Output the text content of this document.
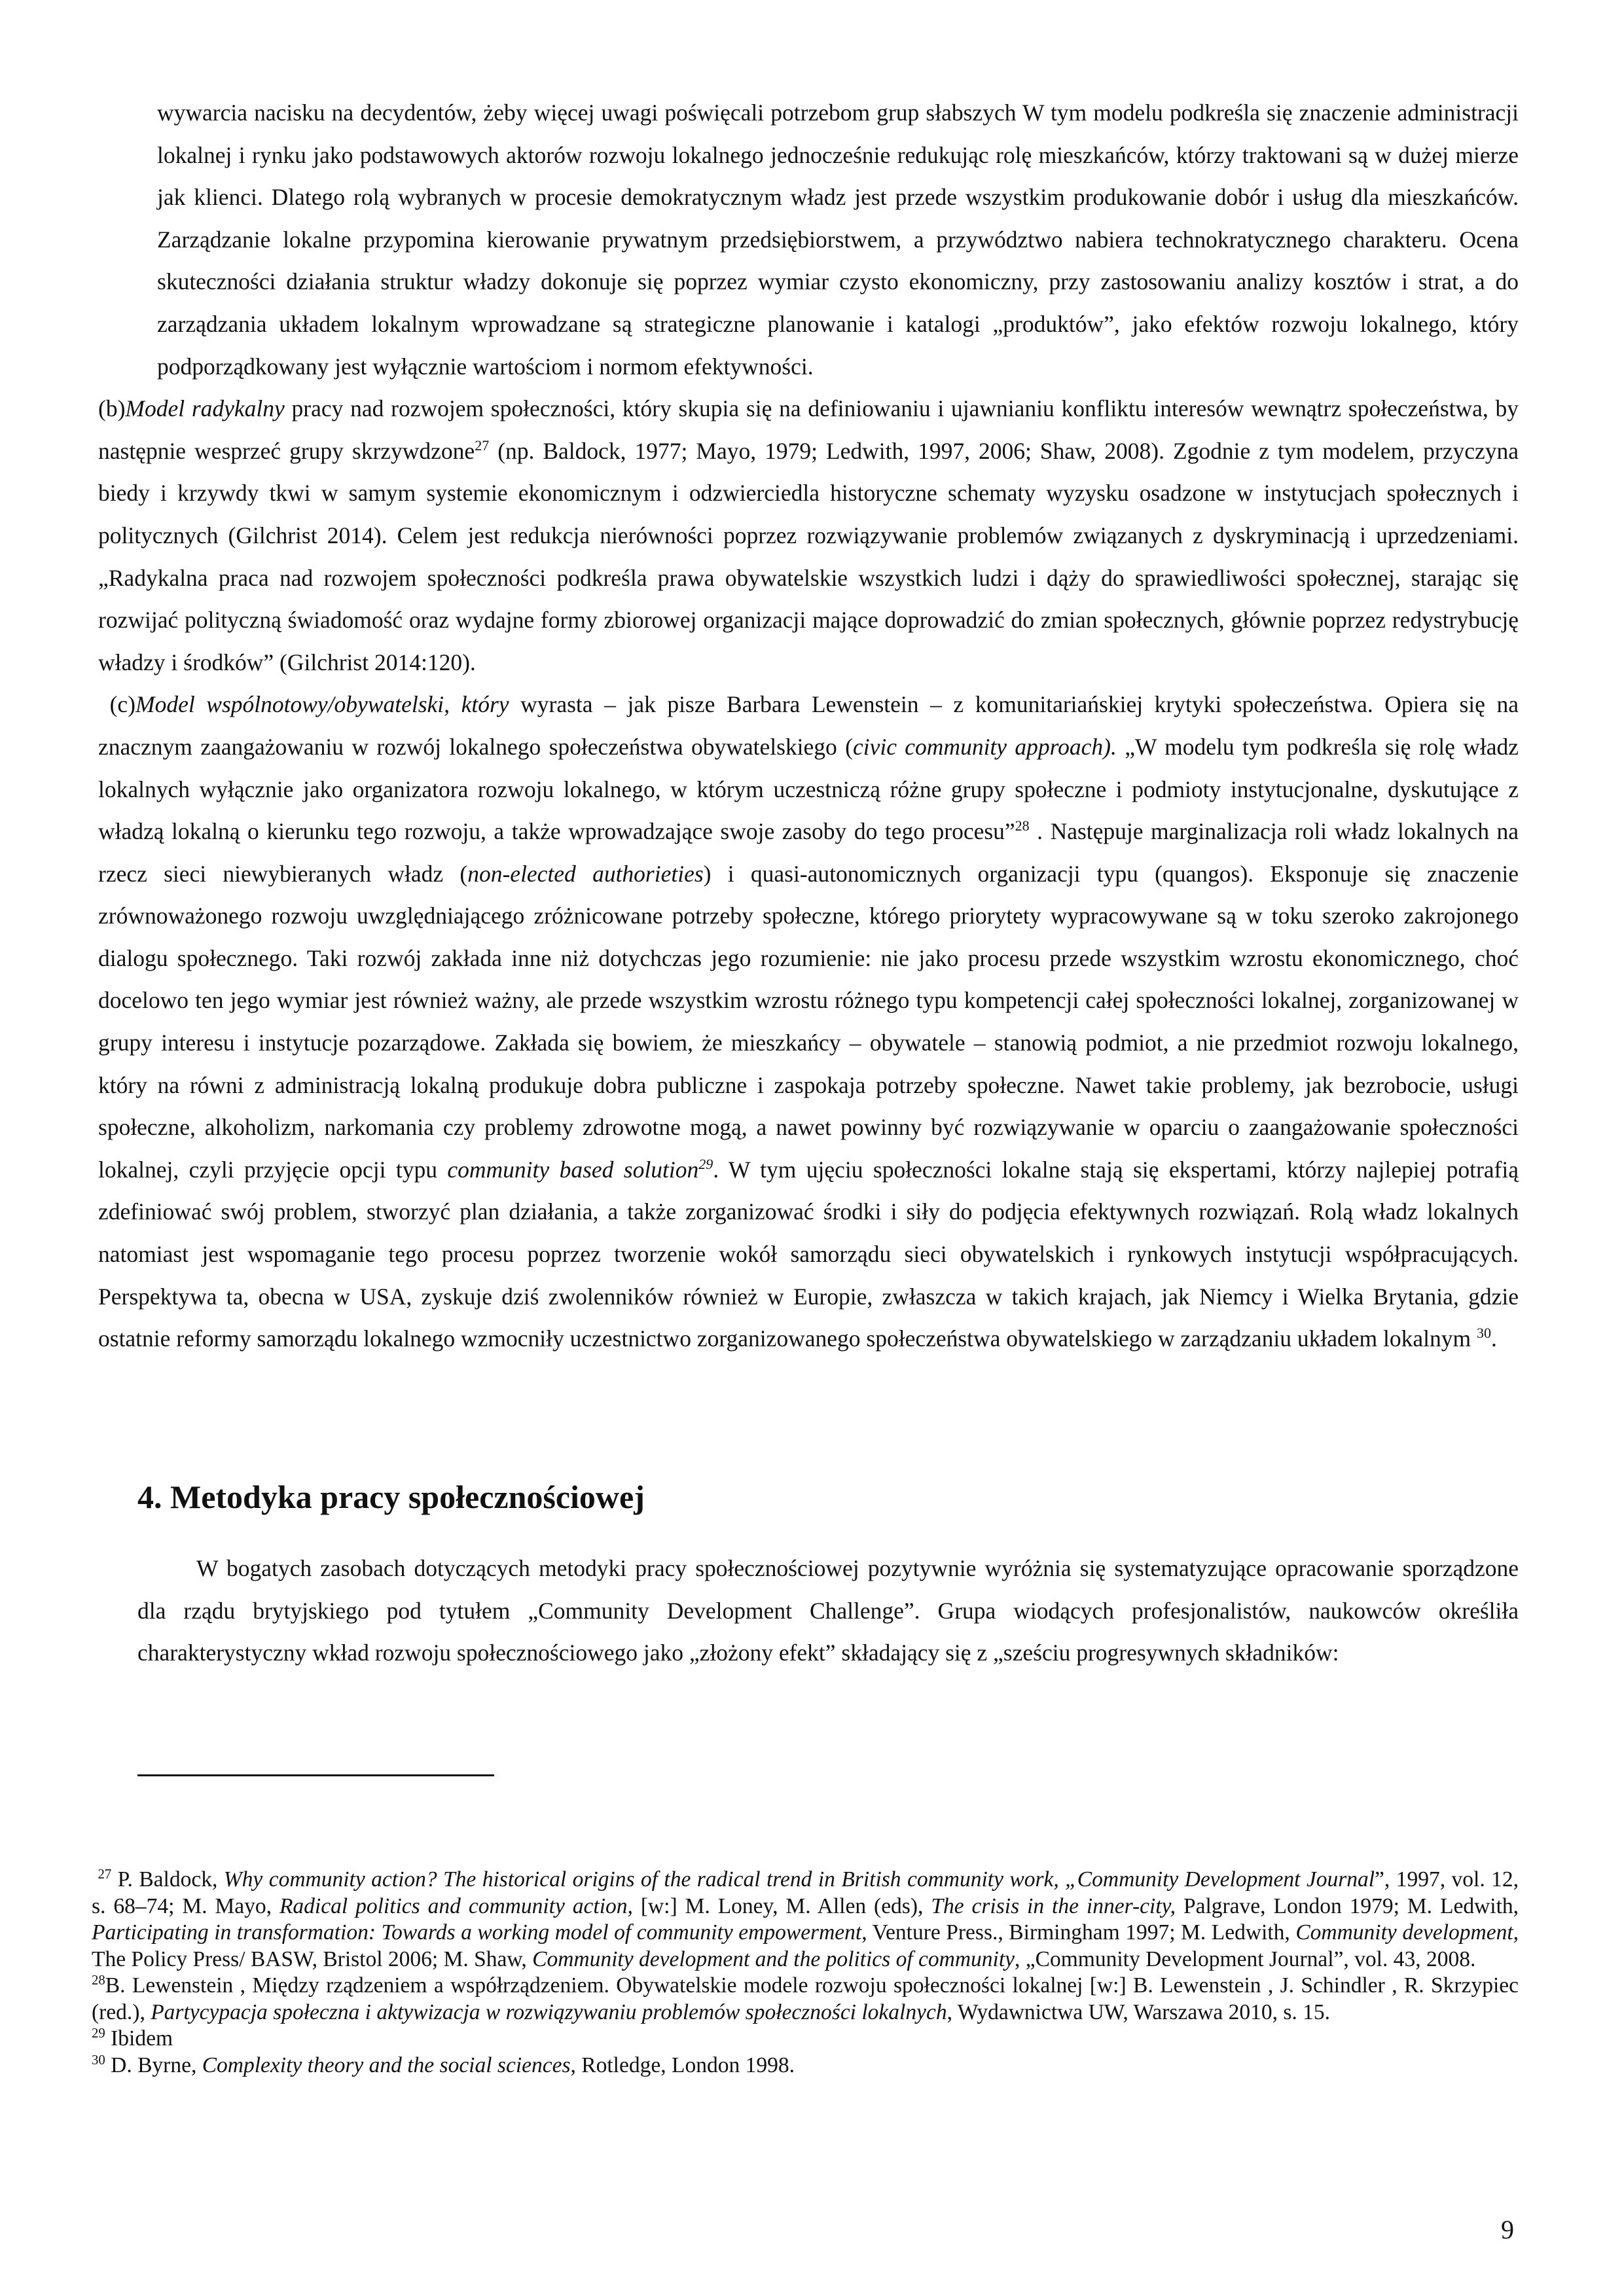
wywarcia nacisku na decydentów, żeby więcej uwagi poświęcali potrzebom grup słabszych W tym modelu podkreśla się znaczenie administracji lokalnej i rynku jako podstawowych aktorów rozwoju lokalnego jednocześnie redukując rolę mieszkańców, którzy traktowani są w dużej mierze jak klienci. Dlatego rolą wybranych w procesie demokratycznym władz jest przede wszystkim produkowanie dobór i usług dla mieszkańców. Zarządzanie lokalne przypomina kierowanie prywatnym przedsiębiorstwem, a przywództwo nabiera technokratycznego charakteru. Ocena skuteczności działania struktur władzy dokonuje się poprzez wymiar czysto ekonomiczny, przy zastosowaniu analizy kosztów i strat, a do zarządzania układem lokalnym wprowadzane są strategiczne planowanie i katalogi „produktów”, jako efektów rozwoju lokalnego, który podporządkowany jest wyłącznie wartościom i normom efektywności.

(b)Model radykalny pracy nad rozwojem społeczności, który skupia się na definiowaniu i ujawnianiu konfliktu interesów wewnątrz społeczeństwa, by następnie wesprzeć grupy skrzywdzone$^{27}$ (np. Baldock, 1977; Mayo, 1979; Ledwith, 1997, 2006; Shaw, 2008). Zgodnie z tym modelem, przyczyna biedy i krzywdy tkwi w samym systemie ekonomicznym i odzwierciedla historyczne schematy wyzysku osadzone w instytucjach społecznych i politycznych (Gilchrist 2014). Celem jest redukcja nierówności poprzez rozwiązywanie problemów związanych z dyskryminacją i uprzedzeniami. „Radykalna praca nad rozwojem społeczności podkreśla prawa obywatelskie wszystkich ludzi i dąży do sprawiedliwości społecznej, starając się rozwijać polityczną świadomość oraz wydajne formy zbiorowej organizacji mające doprowadzić do zmian społecznych, głównie poprzez redystrybucję władzy i środków” (Gilchrist 2014:120).

(c)Model wspólnotowy/obywatelski, który wyrasta – jak pisze Barbara Lewenstein – z komunitariańskiej krytyki społeczeństwa. Opiera się na znacznym zaangażowaniu w rozwój lokalnego społeczeństwa obywatelskiego (civic community approach). „W modelu tym podkreśla się rolę władz lokalnych wyłącznie jako organizatora rozwoju lokalnego, w którym uczestniczą różne grupy społeczne i podmioty instytucjonalne, dyskutujące z władzą lokalną o kierunku tego rozwoju, a także wprowadzające swoje zasoby do tego procesu”$^{28}$ . Następuje marginalizacja roli władz lokalnych na rzecz sieci niewybieranych władz (non-elected authorieties) i quasi-autonomicznych organizacji typu (quangos). Eksponuje się znaczenie zrównoważonego rozwoju uwzględniającego zróżnicowane potrzeby społeczne, którego priorytety wypracowywane są w toku szeroko zakrojonego dialogu społecznego. Taki rozwój zakłada inne niż dotychczas jego rozumienie: nie jako procesu przede wszystkim wzrostu ekonomicznego, choć docelowo ten jego wymiar jest również ważny, ale przede wszystkim wzrostu różnego typu kompetencji całej społeczności lokalnej, zorganizowanej w grupy interesu i instytucje pozarządowe. Zakłada się bowiem, że mieszkańcy – obywatele – stanowią podmiot, a nie przedmiot rozwoju lokalnego, który na równi z administracją lokalną produkuje dobra publiczne i zaspokaja potrzeby społeczne. Nawet takie problemy, jak bezrobocie, usługi społeczne, alkoholizm, narkomania czy problemy zdrowotne mogą, a nawet powinny być rozwiązywanie w oparciu o zaangażowanie społeczności lokalnej, czyli przyjęcie opcji typu community based solution$^{29}$. W tym ujęciu społeczności lokalne stają się ekspertami, którzy najlepiej potrafią zdefiniować swój problem, stworzyć plan działania, a także zorganizować środki i siły do podjęcia efektywnych rozwiązań. Rolą władz lokalnych natomiast jest wspomaganie tego procesu poprzez tworzenie wokół samorządu sieci obywatelskich i rynkowych instytucji współpracujących. Perspektywa ta, obecna w USA, zyskuje dziś zwolenników również w Europie, zwłaszcza w takich krajach, jak Niemcy i Wielka Brytania, gdzie ostatnie reformy samorządu lokalnego wzmocniły uczestnictwo zorganizowanego społeczeństwa obywatelskiego w zarządzaniu układem lokalnym $^{30}$.

4. Metodyka pracy społecznościowej

W bogatych zasobach dotyczących metodyki pracy społecznościowej pozytywnie wyróżnia się systematyzujące opracowanie sporządzone dla rządu brytyjskiego pod tytułem „Community Development Challenge”. Grupa wiodących profesjonalistów, naukowców określiła charakterystyczny wkład rozwoju społecznościowego jako „złożony efekt” składający się z „sześciu progresywnych składników:

$^{27}$ P. Baldock, Why community action? The historical origins of the radical trend in British community work, „Community Development Journal”, 1997, vol. 12, s. 68–74; M. Mayo, Radical politics and community action, [w:] M. Loney, M. Allen (eds), The crisis in the inner-city, Palgrave, London 1979; M. Ledwith, Participating in transformation: Towards a working model of community empowerment, Venture Press., Birmingham 1997; M. Ledwith, Community development, The Policy Press/ BASW, Bristol 2006; M. Shaw, Community development and the politics of community, „Community Development Journal”, vol. 43, 2008.

$^{28}$B. Lewenstein , Między rządzeniem a współrządzeniem. Obywatelskie modele rozwoju społeczności lokalnej [w:] B. Lewenstein , J. Schindler , R. Skrzypiec (red.), Partycypacja społeczna i aktywizacja w rozwiązywaniu problemów społeczności lokalnych, Wydawnictwa UW, Warszawa 2010, s. 15.

$^{29}$ Ibidem

$^{30}$ D. Byrne, Complexity theory and the social sciences, Rotledge, London 1998.

9
